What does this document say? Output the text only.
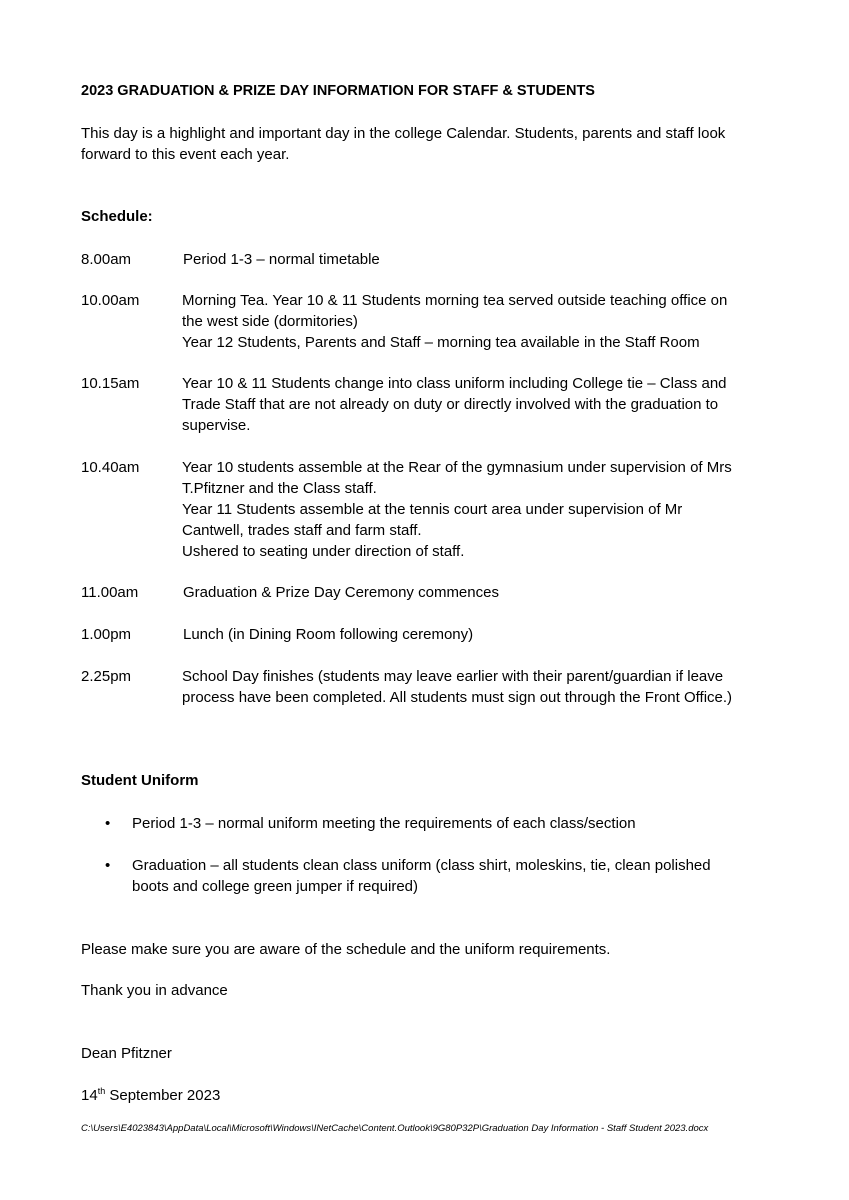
2023 GRADUATION & PRIZE DAY INFORMATION FOR STAFF & STUDENTS
This day is a highlight and important day in the college Calendar. Students, parents and staff look
forward to this event each year.
Schedule:
8.00am	Period 1-3 – normal timetable
10.00am	Morning Tea. Year 10 & 11 Students morning tea served outside teaching office on
the west side (dormitories)
Year 12 Students, Parents and Staff – morning tea available in the Staff Room
10.15am	Year 10 & 11 Students change into class uniform including College tie – Class and
Trade Staff that are not already on duty or directly involved with the graduation to
supervise.
10.40am	Year 10 students assemble at the Rear of the gymnasium under supervision of Mrs
T.Pfitzner and the Class staff.
Year 11 Students assemble at the tennis court area under supervision of Mr
Cantwell, trades staff and farm staff.
Ushered to seating under direction of staff.
11.00am	Graduation & Prize Day Ceremony commences
1.00pm	Lunch (in Dining Room following ceremony)
2.25pm	School Day finishes (students may leave earlier with their parent/guardian if leave
process have been completed. All students must sign out through the Front Office.)
Student Uniform
• Period 1-3 – normal uniform meeting the requirements of each class/section
• Graduation – all students clean class uniform (class shirt, moleskins, tie, clean polished
boots and college green jumper if required)
Please make sure you are aware of the schedule and the uniform requirements.
Thank you in advance
Dean Pfitzner
14th September 2023
C:\Users\E4023843\AppData\Local\Microsoft\Windows\INetCache\Content.Outlook\9G80P32P\Graduation Day Information - Staff Student 2023.docx
